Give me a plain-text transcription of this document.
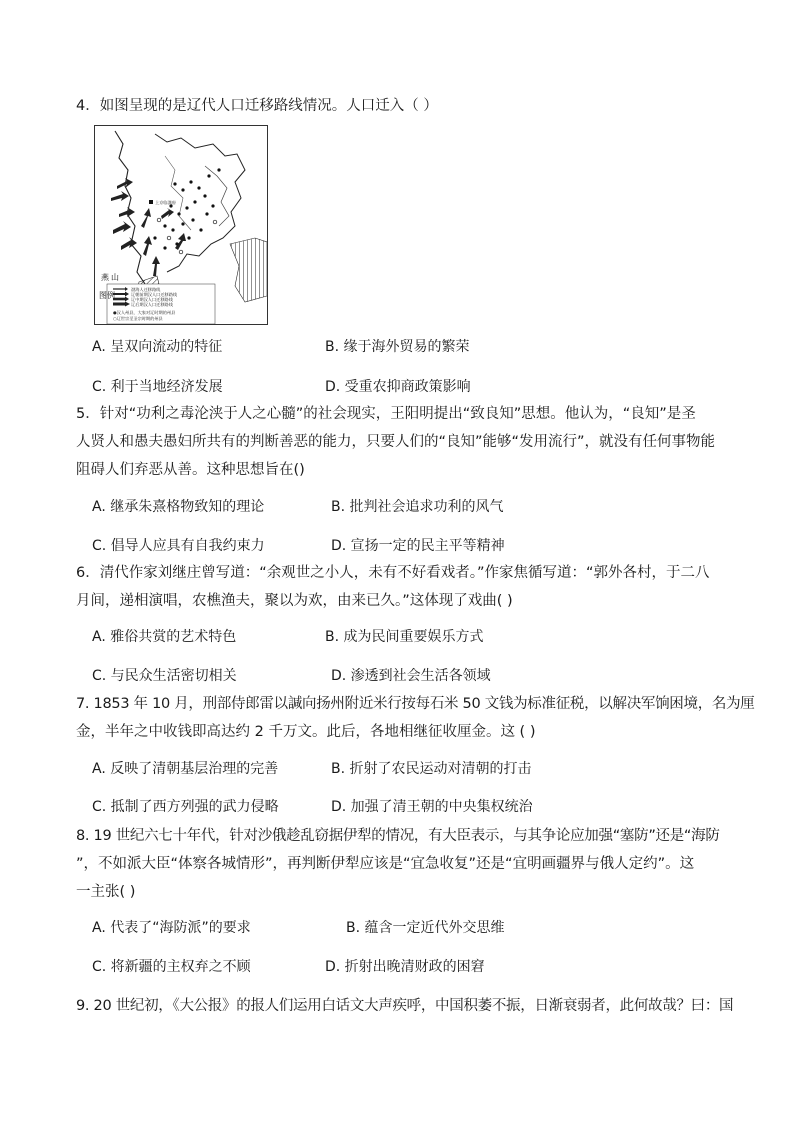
4．如图呈现的是辽代人口迁移路线情况。人口迁入（ ）
上京临潢府
燕 山
图例
渤海人迁移路线
辽朝前期汉人口迁移路线
辽中期汉人口迁移路线
辽后期汉人口迁移路线
●汉人州县，大家对辽时期的州县
○辽世宗至圣宗时期的州县
A. 呈双向流动的特征	B. 缘于海外贸易的繁荣
C. 利于当地经济发展	D. 受重农抑商政策影响
5．针对“功利之毒沦浃于人之心髓”的社会现实，王阳明提出“致良知”思想。他认为，“良知”是圣
人贤人和愚夫愚妇所共有的判断善恶的能力，只要人们的“良知”能够“发用流行”，就没有任何事物能
阻碍人们弃恶从善。这种思想旨在()
A. 继承朱熹格物致知的理论	B. 批判社会追求功利的风气
C. 倡导人应具有自我约束力	D. 宣扬一定的民主平等精神
6．清代作家刘继庄曾写道：“余观世之小人，未有不好看戏者。”作家焦循写道：“郭外各村，于二八
月间，递相演唱，农樵渔夫，聚以为欢，由来已久。”这体现了戏曲( )
A. 雅俗共赏的艺术特色	B. 成为民间重要娱乐方式
C. 与民众生活密切相关	D. 渗透到社会生活各领域
7. 1853 年 10 月，刑部侍郎雷以諴向扬州附近米行按每石米 50 文钱为标准征税，以解决军饷困境，名为厘
金，半年之中收钱即高达约 2 千万文。此后，各地相继征收厘金。这 ( )
A. 反映了清朝基层治理的完善	B. 折射了农民运动对清朝的打击
C. 抵制了西方列强的武力侵略	D. 加强了清王朝的中央集权统治
8. 19 世纪六七十年代，针对沙俄趁乱窃据伊犁的情况，有大臣表示，与其争论应加强“塞防”还是“海防
”，不如派大臣“体察各城情形”，再判断伊犁应该是“宜急收复”还是“宜明画疆界与俄人定约”。这
一主张( )
A. 代表了“海防派”的要求	B. 蕴含一定近代外交思维
C. 将新疆的主权弃之不顾	D. 折射出晚清财政的困窘
9. 20 世纪初，《大公报》的报人们运用白话文大声疾呼，中国积萎不振，日渐衰弱者，此何故哉？曰：国
